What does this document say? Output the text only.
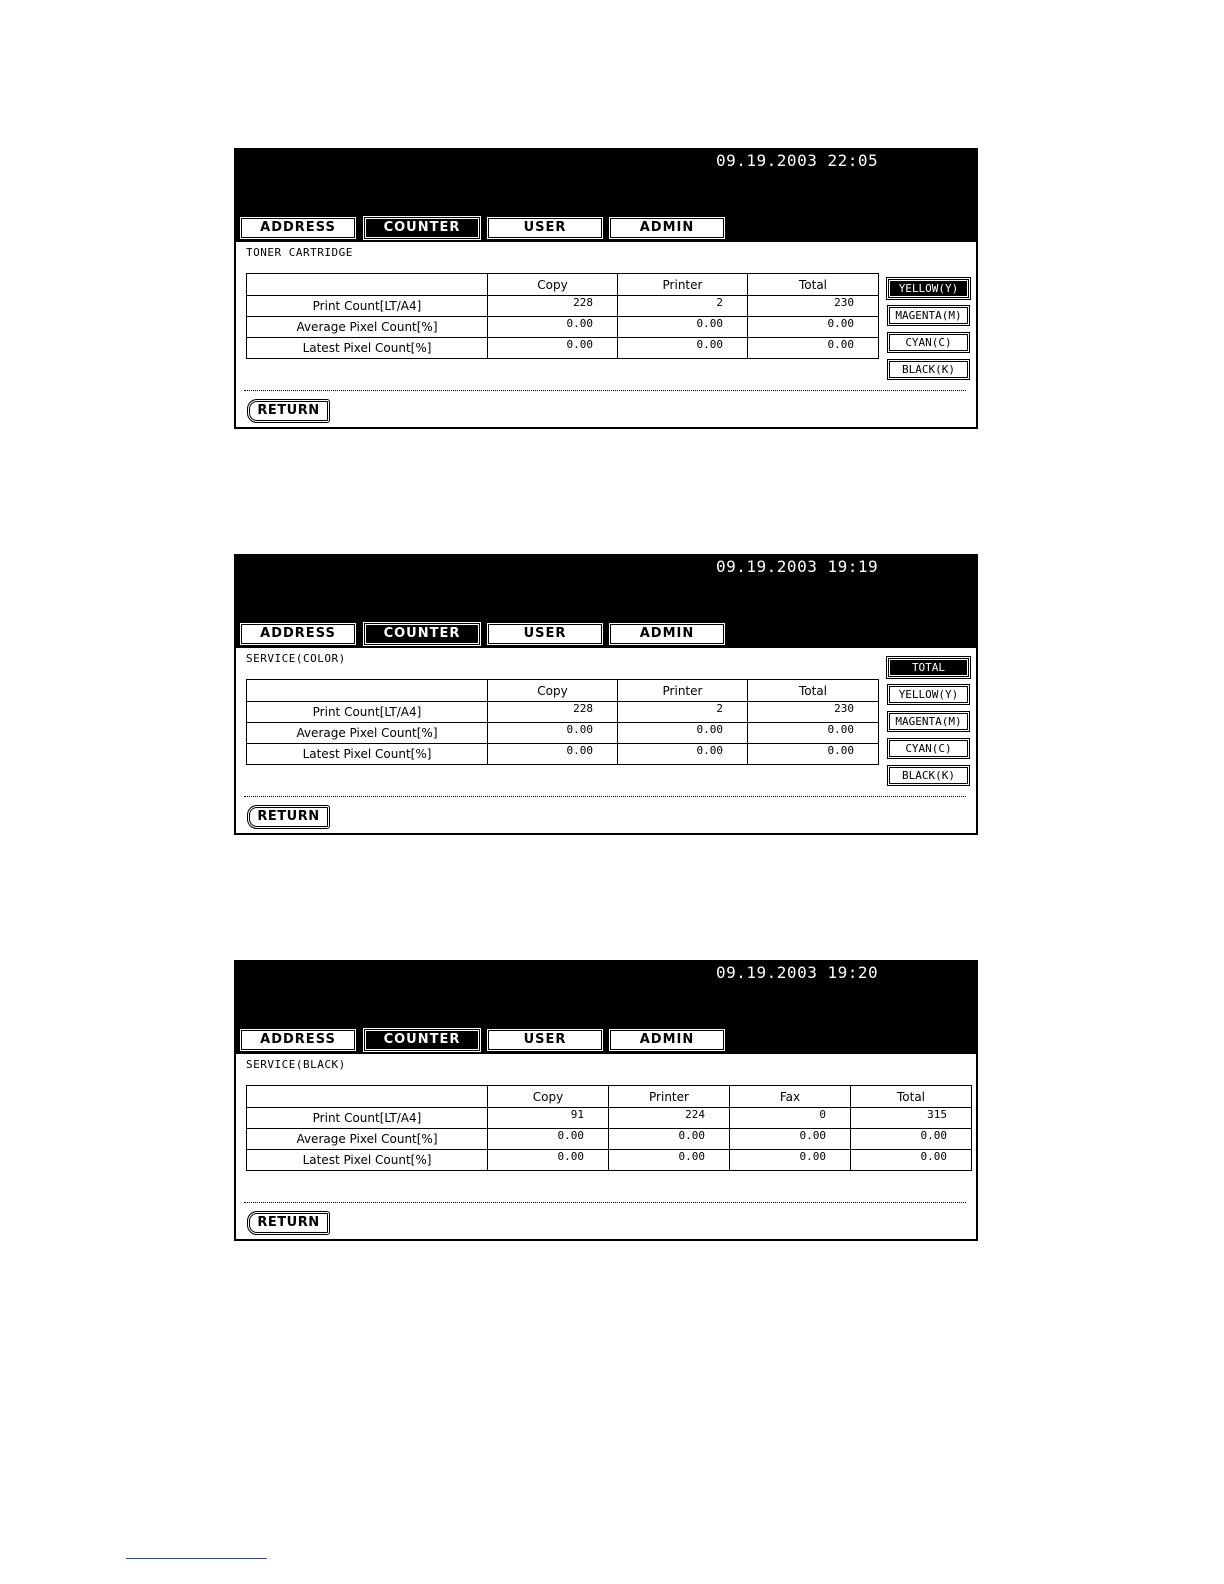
09.19.2003 22:05
ADDRESS	COUNTER	USER	ADMIN
TONER CARTRIDGE
	Copy	Printer	Total
Print Count[LT/A4]	228	2	230
Average Pixel Count[%]	0.00	0.00	0.00
Latest Pixel Count[%]	0.00	0.00	0.00
YELLOW(Y)
MAGENTA(M)
CYAN(C)
BLACK(K)
RETURN
09.19.2003 19:19
ADDRESS	COUNTER	USER	ADMIN
SERVICE(COLOR)
	Copy	Printer	Total
Print Count[LT/A4]	228	2	230
Average Pixel Count[%]	0.00	0.00	0.00
Latest Pixel Count[%]	0.00	0.00	0.00
TOTAL
YELLOW(Y)
MAGENTA(M)
CYAN(C)
BLACK(K)
RETURN
09.19.2003 19:20
ADDRESS	COUNTER	USER	ADMIN
SERVICE(BLACK)
	Copy	Printer	Fax	Total
Print Count[LT/A4]	91	224	0	315
Average Pixel Count[%]	0.00	0.00	0.00	0.00
Latest Pixel Count[%]	0.00	0.00	0.00	0.00
RETURN
